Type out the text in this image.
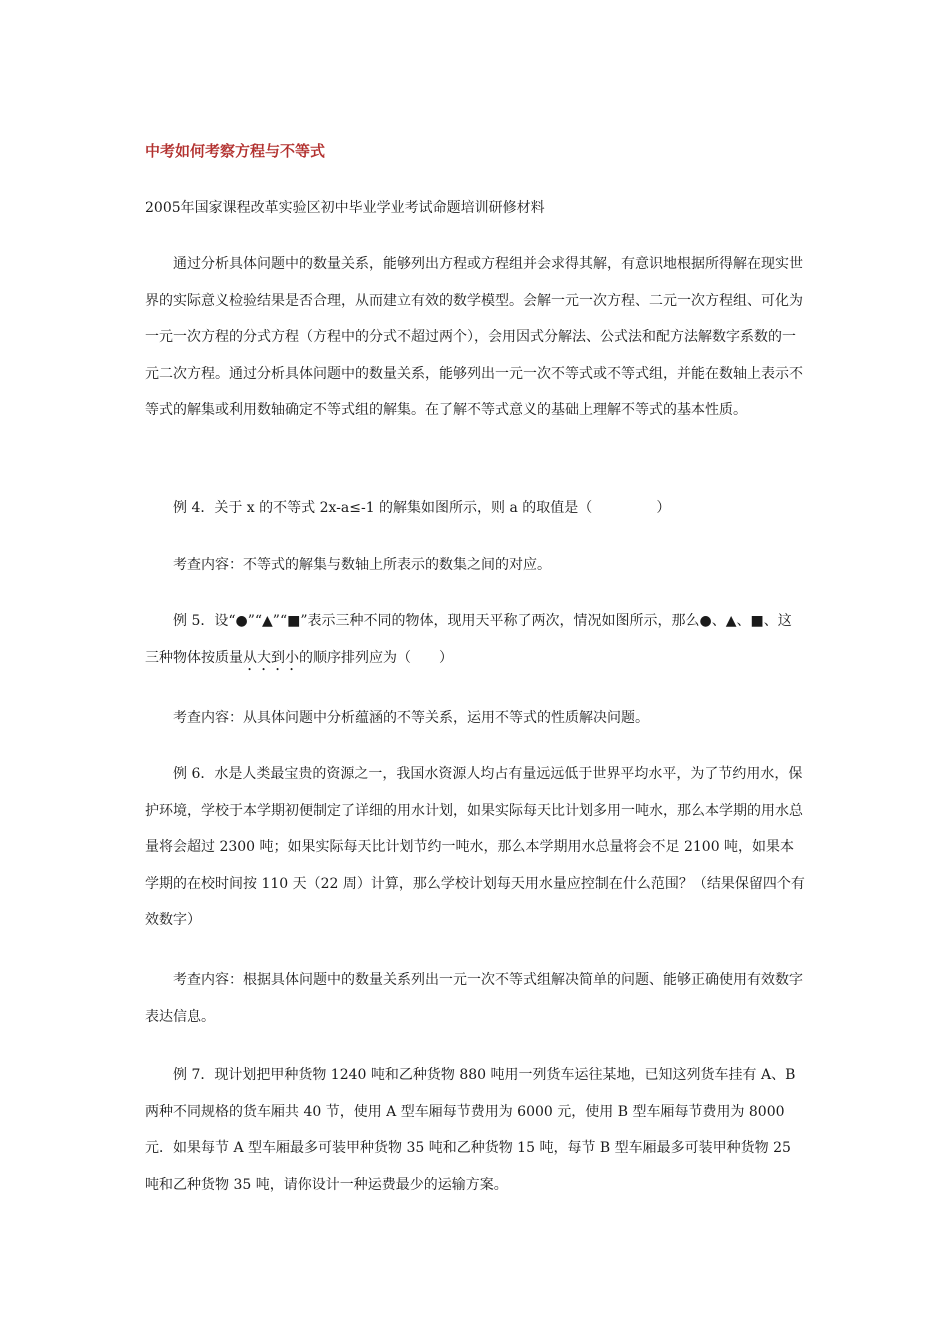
中考如何考察方程与不等式

2005年国家课程改革实验区初中毕业学业考试命题培训研修材料

通过分析具体问题中的数量关系，能够列出方程或方程组并会求得其解，有意识地根据所得解在现实世界的实际意义检验结果是否合理，从而建立有效的数学模型。会解一元一次方程、二元一次方程组、可化为一元一次方程的分式方程（方程中的分式不超过两个），会用因式分解法、公式法和配方法解数字系数的一元二次方程。通过分析具体问题中的数量关系，能够列出一元一次不等式或不等式组，并能在数轴上表示不等式的解集或利用数轴确定不等式组的解集。在了解不等式意义的基础上理解不等式的基本性质。

例 4．关于 x 的不等式 2x-a≤-1 的解集如图所示，则 a 的取值是（	）

考查内容：不等式的解集与数轴上所表示的数集之间的对应。

例 5．设“●”“▲”“■”表示三种不同的物体，现用天平称了两次，情况如图所示，那么●、▲、■、这三种物体按质量从大到小的顺序排列应为（　　）

考查内容：从具体问题中分析蕴涵的不等关系，运用不等式的性质解决问题。

例 6．水是人类最宝贵的资源之一，我国水资源人均占有量远远低于世界平均水平，为了节约用水，保护环境，学校于本学期初便制定了详细的用水计划，如果实际每天比计划多用一吨水，那么本学期的用水总量将会超过 2300 吨；如果实际每天比计划节约一吨水，那么本学期用水总量将会不足 2100 吨，如果本学期的在校时间按 110 天（22 周）计算，那么学校计划每天用水量应控制在什么范围？（结果保留四个有效数字）

考查内容：根据具体问题中的数量关系列出一元一次不等式组解决简单的问题、能够正确使用有效数字表达信息。

例 7．现计划把甲种货物 1240 吨和乙种货物 880 吨用一列货车运往某地，已知这列货车挂有 A、B 两种不同规格的货车厢共 40 节，使用 A 型车厢每节费用为 6000 元，使用 B 型车厢每节费用为 8000 元．如果每节 A 型车厢最多可装甲种货物 35 吨和乙种货物 15 吨，每节 B 型车厢最多可装甲种货物 25 吨和乙种货物 35 吨，请你设计一种运费最少的运输方案。
